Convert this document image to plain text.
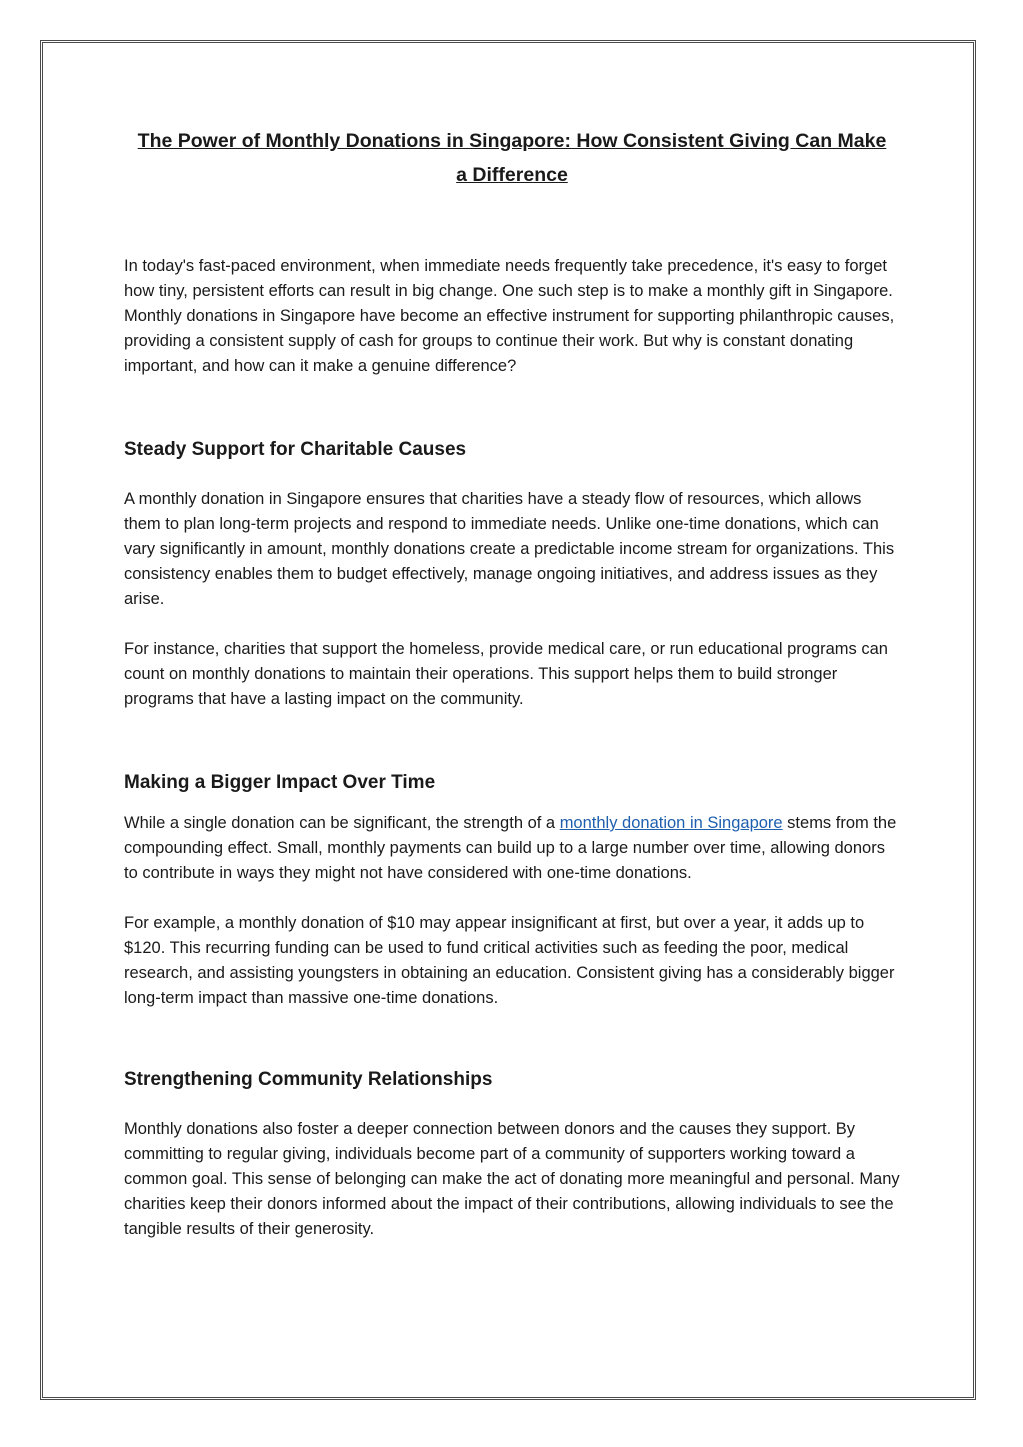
The Power of Monthly Donations in Singapore: How Consistent Giving Can Make a Difference

In today's fast-paced environment, when immediate needs frequently take precedence, it's easy to forget how tiny, persistent efforts can result in big change. One such step is to make a monthly gift in Singapore. Monthly donations in Singapore have become an effective instrument for supporting philanthropic causes, providing a consistent supply of cash for groups to continue their work. But why is constant donating important, and how can it make a genuine difference?

Steady Support for Charitable Causes

A monthly donation in Singapore ensures that charities have a steady flow of resources, which allows them to plan long-term projects and respond to immediate needs. Unlike one-time donations, which can vary significantly in amount, monthly donations create a predictable income stream for organizations. This consistency enables them to budget effectively, manage ongoing initiatives, and address issues as they arise.

For instance, charities that support the homeless, provide medical care, or run educational programs can count on monthly donations to maintain their operations. This support helps them to build stronger programs that have a lasting impact on the community.

Making a Bigger Impact Over Time

While a single donation can be significant, the strength of a monthly donation in Singapore stems from the compounding effect. Small, monthly payments can build up to a large number over time, allowing donors to contribute in ways they might not have considered with one-time donations.

For example, a monthly donation of $10 may appear insignificant at first, but over a year, it adds up to $120. This recurring funding can be used to fund critical activities such as feeding the poor, medical research, and assisting youngsters in obtaining an education. Consistent giving has a considerably bigger long-term impact than massive one-time donations.

Strengthening Community Relationships

Monthly donations also foster a deeper connection between donors and the causes they support. By committing to regular giving, individuals become part of a community of supporters working toward a common goal. This sense of belonging can make the act of donating more meaningful and personal. Many charities keep their donors informed about the impact of their contributions, allowing individuals to see the tangible results of their generosity.
